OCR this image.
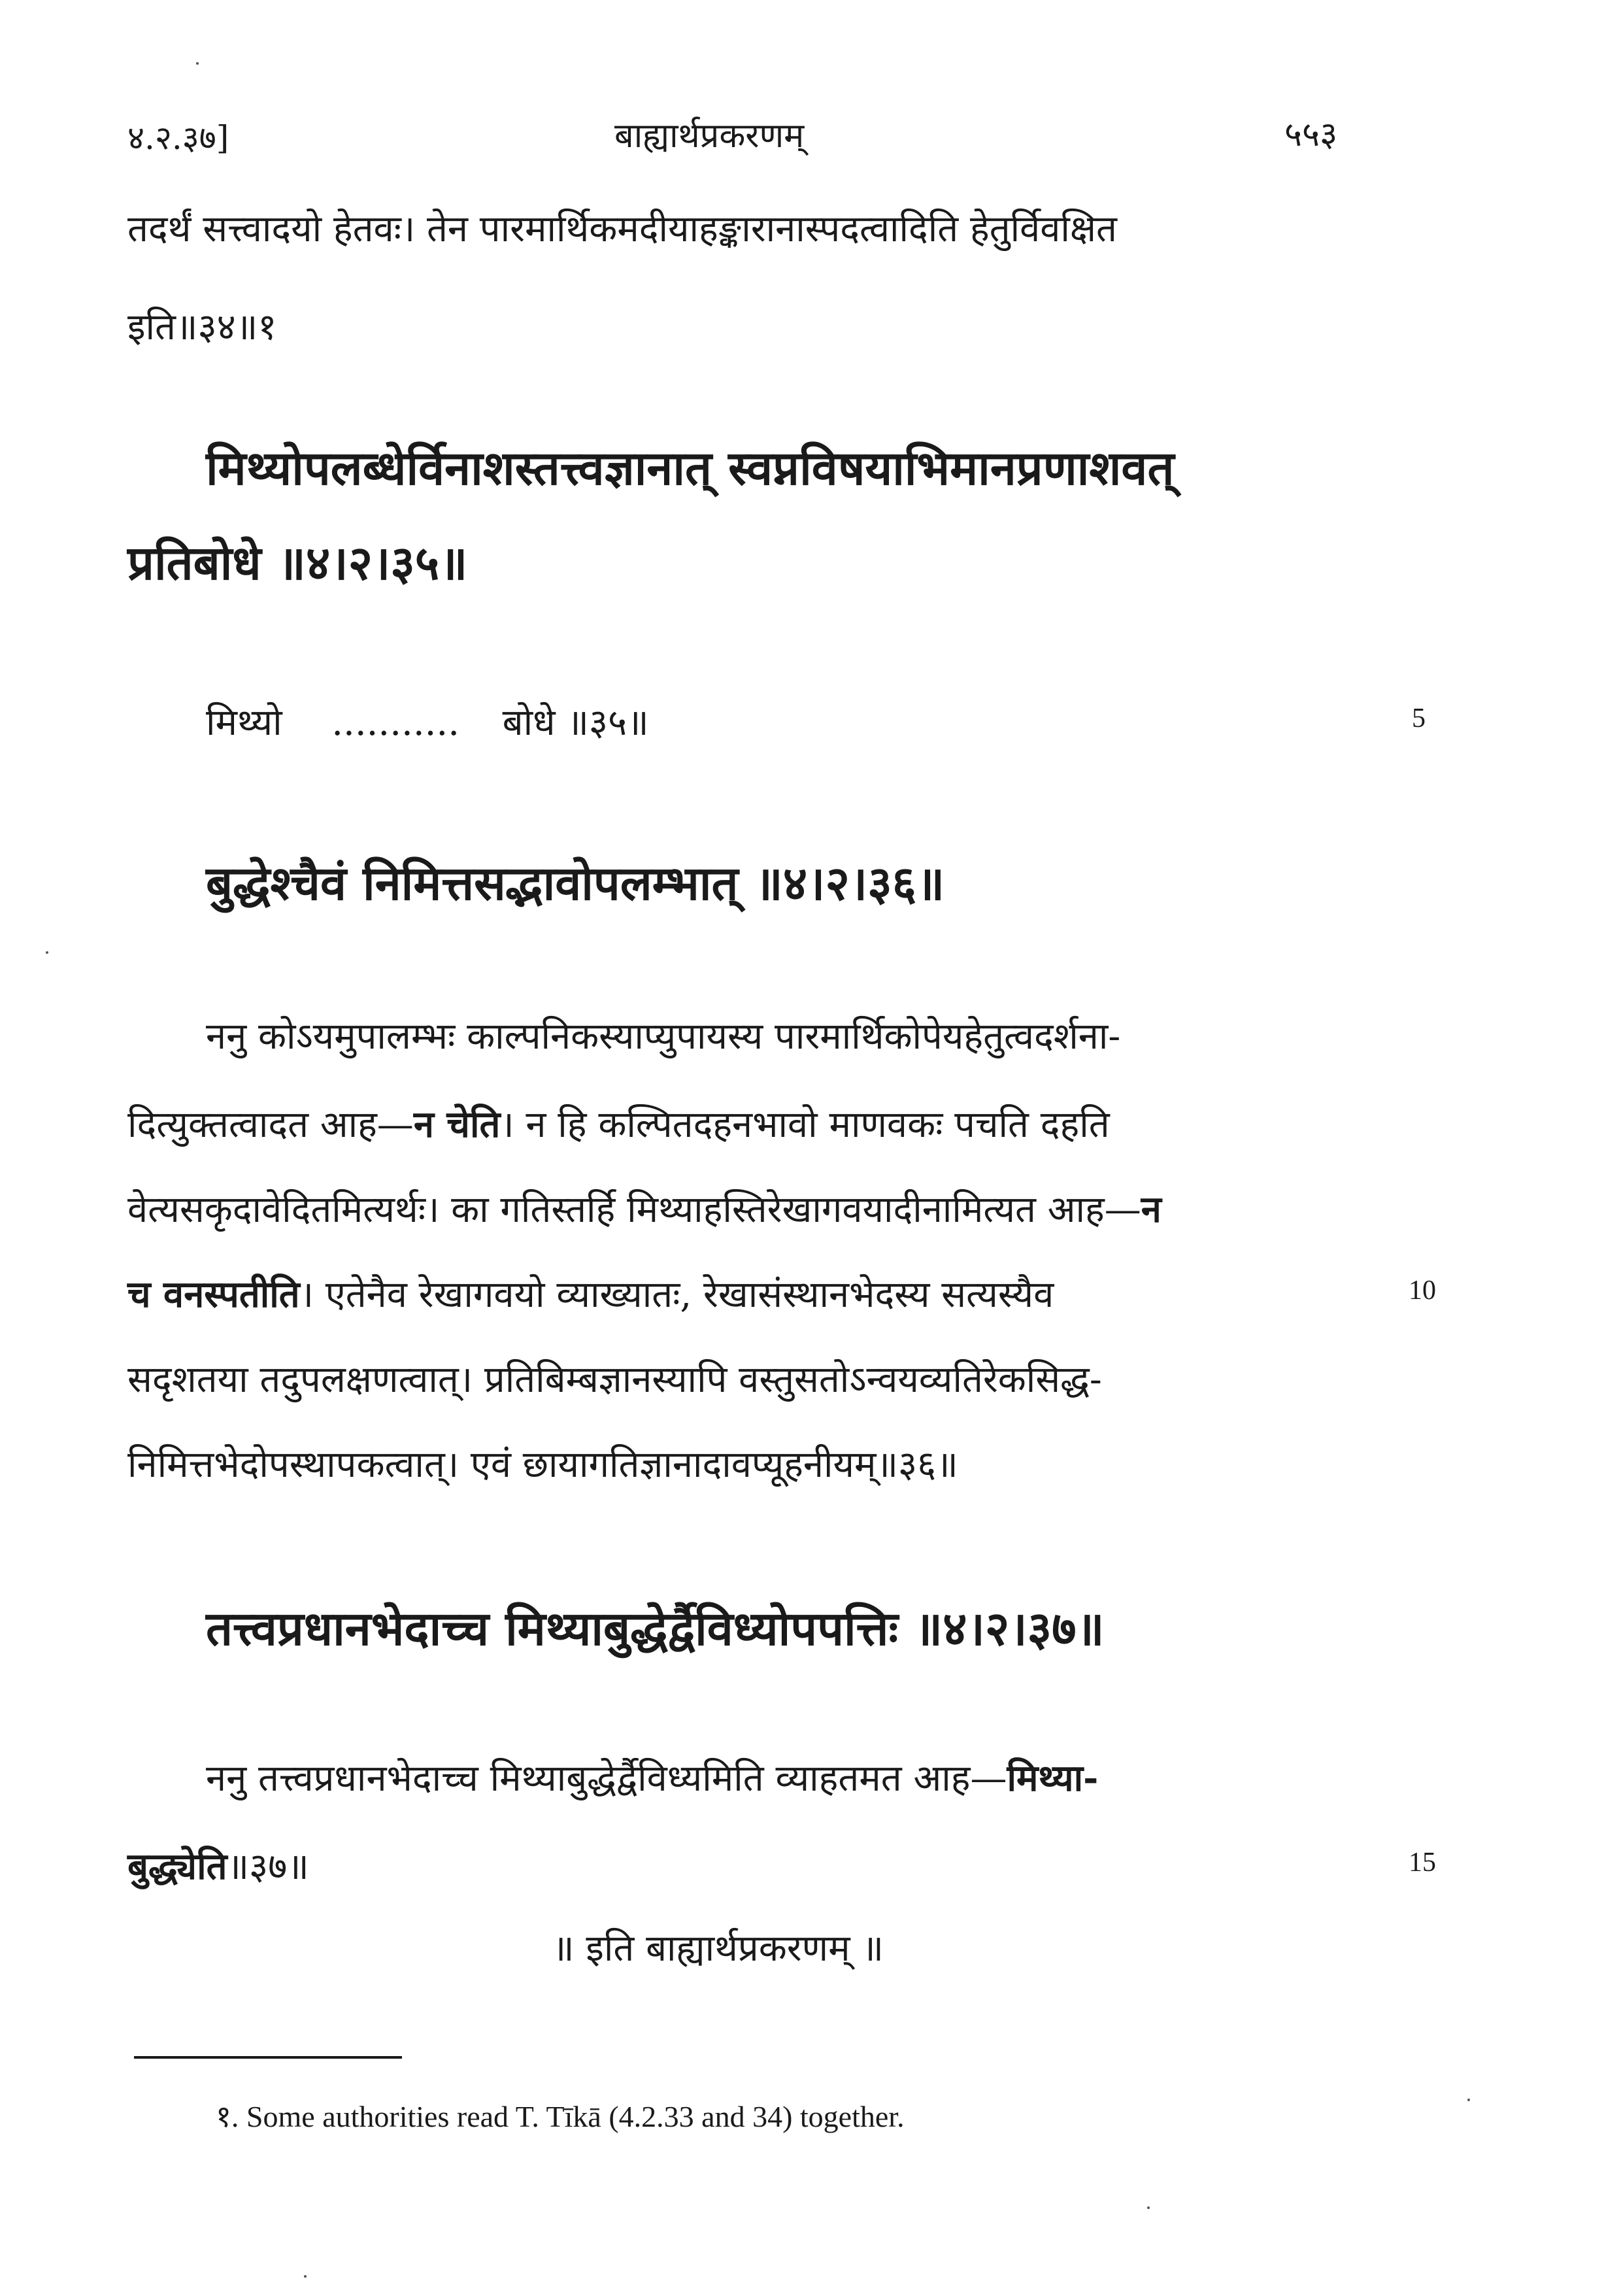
४.२.३७]	बाह्यार्थप्रकरणम्	५५३
तदर्थं सत्त्वादयो हेतवः। तेन पारमार्थिकमदीयाहङ्कारानास्पदत्वादिति हेतुर्विवक्षित
इति॥३४॥१
मिथ्योपलब्धेर्विनाशस्तत्त्वज्ञानात् स्वप्नविषयाभिमानप्रणाशवत्
प्रतिबोधे ॥४।२।३५॥
मिथ्यो ........... बोधे ॥३५॥	5
बुद्धेश्चैवं निमित्तसद्भावोपलम्भात् ॥४।२।३६॥
ननु कोऽयमुपालम्भः काल्पनिकस्याप्युपायस्य पारमार्थिकोपेयहेतुत्वदर्शना-
दित्युक्तत्वादत आह—न चेति। न हि कल्पितदहनभावो माणवकः पचति दहति
वेत्यसकृदावेदितमित्यर्थः। का गतिस्तर्हि मिथ्याहस्तिरेखागवयादीनामित्यत आह—न
च वनस्पतीति। एतेनैव रेखागवयो व्याख्यातः, रेखासंस्थानभेदस्य सत्यस्यैव	10
सदृशतया तदुपलक्षणत्वात्। प्रतिबिम्बज्ञानस्यापि वस्तुसतोऽन्वयव्यतिरेकसिद्ध-
निमित्तभेदोपस्थापकत्वात्। एवं छायागतिज्ञानादावप्यूहनीयम्॥३६॥
तत्त्वप्रधानभेदाच्च मिथ्याबुद्धेर्द्वैविध्योपपत्तिः ॥४।२।३७॥
ननु तत्त्वप्रधानभेदाच्च मिथ्याबुद्धेर्द्वैविध्यमिति व्याहतमत आह—मिथ्या-
बुद्ध्येति॥३७॥	15
॥ इति बाह्यार्थप्रकरणम् ॥
१. Some authorities read T. Tīkā (4.2.33 and 34) together.
